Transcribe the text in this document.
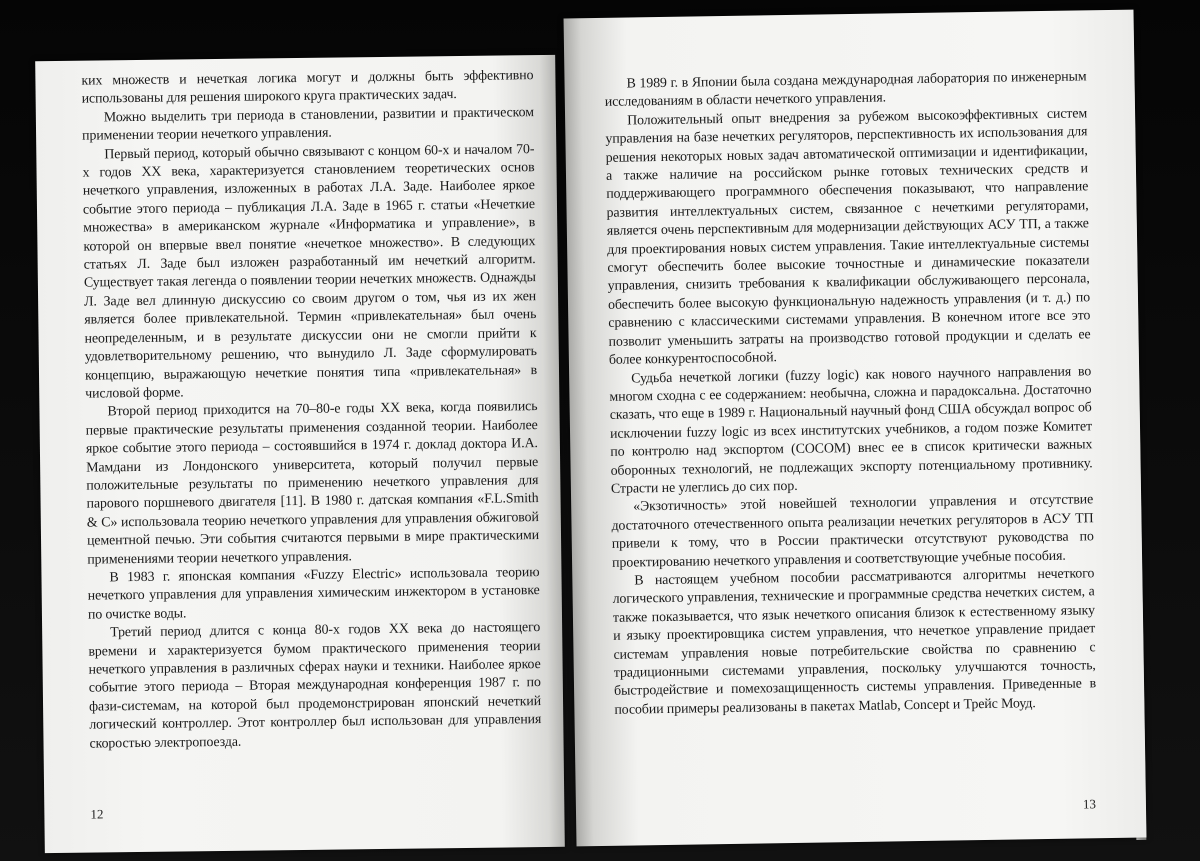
ких множеств и нечеткая логика могут и должны быть эффективно использованы для решения широкого круга практических задач.

Можно выделить три периода в становлении, развитии и практическом применении теории нечеткого управления.

Первый период, который обычно связывают с концом 60-х и началом 70-х годов XX века, характеризуется становлением теоретических основ нечеткого управления, изложенных в работах Л.А. Заде. Наиболее яркое событие этого периода – публикация Л.А. Заде в 1965 г. статьи «Нечеткие множества» в американском журнале «Информатика и управление», в которой он впервые ввел понятие «нечеткое множество». В следующих статьях Л. Заде был изложен разработанный им нечеткий алгоритм. Существует такая легенда о появлении теории нечетких множеств. Однажды Л. Заде вел длинную дискуссию со своим другом о том, чья из их жен является более привлекательной. Термин «привлекательная» был очень неопределенным, и в результате дискуссии они не смогли прийти к удовлетворительному решению, что вынудило Л. Заде сформулировать концепцию, выражающую нечеткие понятия типа «привлекательная» в числовой форме.

Второй период приходится на 70–80-е годы XX века, когда появились первые практические результаты применения созданной теории. Наиболее яркое событие этого периода – состоявшийся в 1974 г. доклад доктора И.А. Мамдани из Лондонского университета, который получил первые положительные результаты по применению нечеткого управления для парового поршневого двигателя [11]. В 1980 г. датская компания «F.L.Smith & C» использовала теорию нечеткого управления для управления обжиговой цементной печью. Эти события считаются первыми в мире практическими применениями теории нечеткого управления.

В 1983 г. японская компания «Fuzzy Electric» использовала теорию нечеткого управления для управления химическим инжектором в установке по очистке воды.

Третий период длится с конца 80-х годов XX века до настоящего времени и характеризуется бумом практического применения теории нечеткого управления в различных сферах науки и техники. Наиболее яркое событие этого периода – Вторая международная конференция 1987 г. по фази-системам, на которой был продемонстрирован японский нечеткий логический контроллер. Этот контроллер был использован для управления скоростью электропоезда.

12

В 1989 г. в Японии была создана международная лаборатория по инженерным исследованиям в области нечеткого управления.

Положительный опыт внедрения за рубежом высокоэффективных систем управления на базе нечетких регуляторов, перспективность их использования для решения некоторых новых задач автоматической оптимизации и идентификации, а также наличие на российском рынке готовых технических средств и поддерживающего программного обеспечения показывают, что направление развития интеллектуальных систем, связанное с нечеткими регуляторами, является очень перспективным для модернизации действующих АСУ ТП, а также для проектирования новых систем управления. Такие интеллектуальные системы смогут обеспечить более высокие точностные и динамические показатели управления, снизить требования к квалификации обслуживающего персонала, обеспечить более высокую функциональную надежность управления (и т. д.) по сравнению с классическими системами управления. В конечном итоге все это позволит уменьшить затраты на производство готовой продукции и сделать ее более конкурентоспособной.

Судьба нечеткой логики (fuzzy logic) как нового научного направления во многом сходна с ее содержанием: необычна, сложна и парадоксальна. Достаточно сказать, что еще в 1989 г. Национальный научный фонд США обсуждал вопрос об исключении fuzzy logic из всех институтских учебников, а годом позже Комитет по контролю над экспортом (COCOM) внес ее в список критически важных оборонных технологий, не подлежащих экспорту потенциальному противнику. Страсти не улеглись до сих пор.

«Экзотичность» этой новейшей технологии управления и отсутствие достаточного отечественного опыта реализации нечетких регуляторов в АСУ ТП привели к тому, что в России практически отсутствуют руководства по проектированию нечеткого управления и соответствующие учебные пособия.

В настоящем учебном пособии рассматриваются алгоритмы нечеткого логического управления, технические и программные средства нечетких систем, а также показывается, что язык нечеткого описания близок к естественному языку и языку проектировщика систем управления, что нечеткое управление придает системам управления новые потребительские свойства по сравнению с традиционными системами управления, поскольку улучшаются точность, быстродействие и помехозащищенность системы управления. Приведенные в пособии примеры реализованы в пакетах Matlab, Concept и Трейс Моуд.

13
